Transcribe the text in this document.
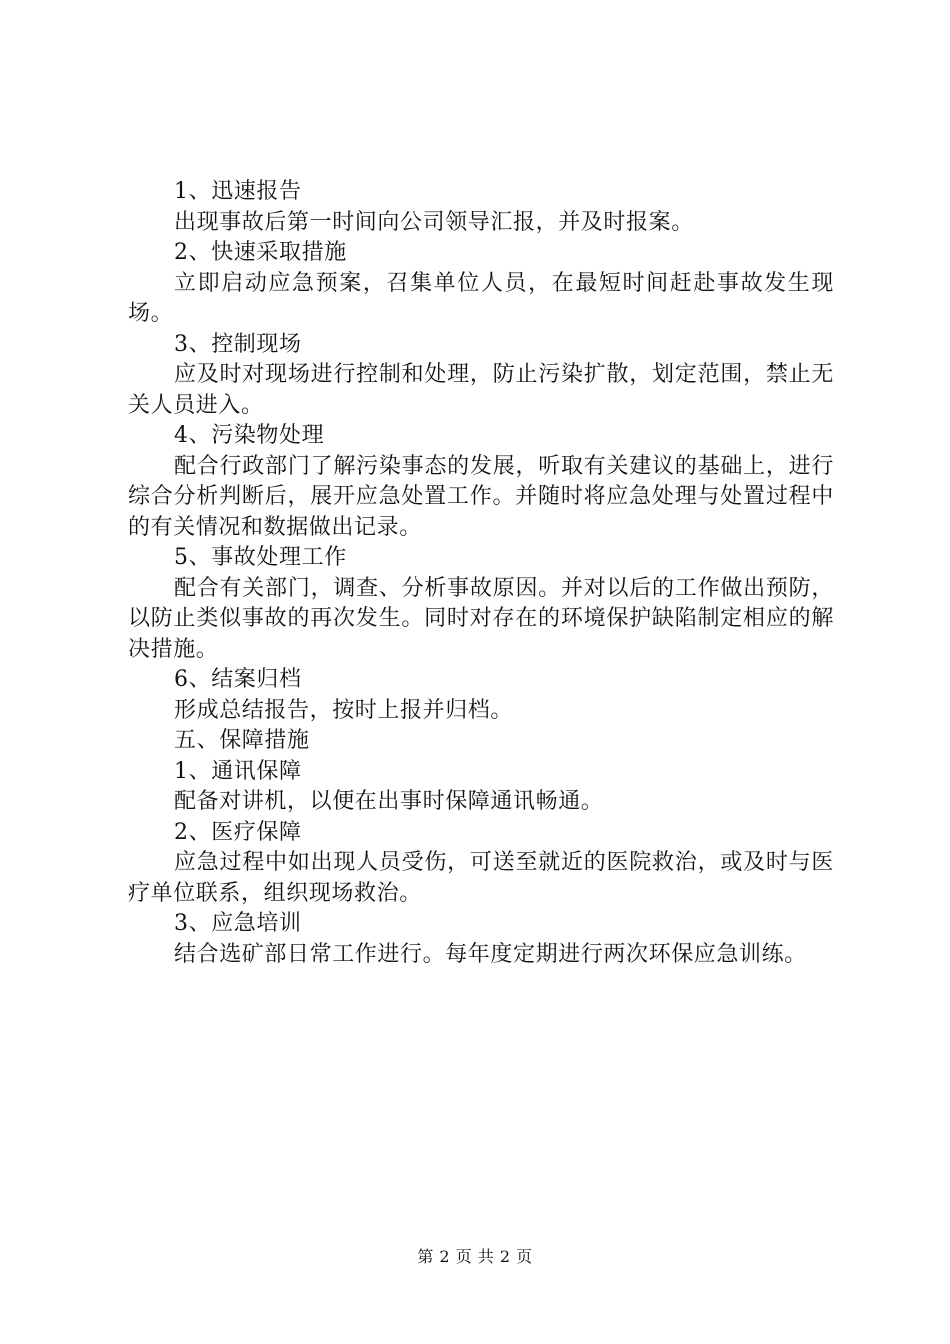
1、迅速报告

出现事故后第一时间向公司领导汇报，并及时报案。

2、快速采取措施

立即启动应急预案，召集单位人员，在最短时间赶赴事故发生现场。

3、控制现场

应及时对现场进行控制和处理，防止污染扩散，划定范围，禁止无关人员进入。

4、污染物处理

配合行政部门了解污染事态的发展，听取有关建议的基础上，进行综合分析判断后，展开应急处置工作。并随时将应急处理与处置过程中的有关情况和数据做出记录。

5、事故处理工作

配合有关部门，调查、分析事故原因。并对以后的工作做出预防，以防止类似事故的再次发生。同时对存在的环境保护缺陷制定相应的解决措施。

6、结案归档

形成总结报告，按时上报并归档。

五、保障措施

1、通讯保障

配备对讲机，以便在出事时保障通讯畅通。

2、医疗保障

应急过程中如出现人员受伤，可送至就近的医院救治，或及时与医疗单位联系，组织现场救治。

3、应急培训

结合选矿部日常工作进行。每年度定期进行两次环保应急训练。

第 2 页 共 2 页
